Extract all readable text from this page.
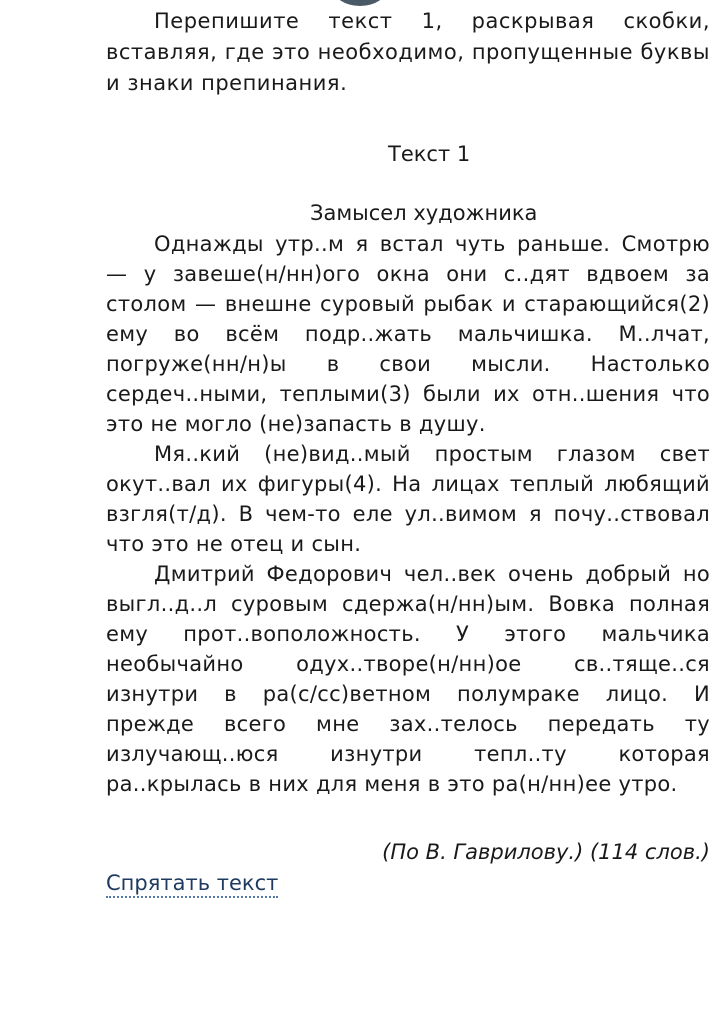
Перепишите текст 1, раскрывая скобки, вставляя, где это необходимо, пропущенные буквы и знаки препинания.

Текст 1

Замысел художника

Однажды утр..м я встал чуть раньше. Смотрю — у завеше(н/нн)ого окна они с..дят вдвоем за столом — внешне суровый рыбак и старающийся(2) ему во всём подр..жать мальчишка. М..лчат, погруже(нн/н)ы в свои мысли. Настолько сердеч..ными, теплыми(3) были их отн..шения что это не могло (не)запасть в душу.

Мя..кий (не)вид..мый простым глазом свет окут..вал их фигуры(4). На лицах теплый любящий взгля(т/д). В чем-то еле ул..вимом я почу..ствовал что это не отец и сын.

Дмитрий Федорович чел..век очень добрый но выгл..д..л суровым сдержа(н/нн)ым. Вовка полная ему прот..воположность. У этого мальчика необычайно одух..творе(н/нн)ое св..тяще..ся изнутри в ра(с/сс)ветном полумраке лицо. И прежде всего мне зах..телось передать ту излучающ..юся изнутри тепл..ту которая ра..крылась в них для меня в это ра(н/нн)ее утро.

(По В. Гаврилову.) (114 слов.)

Спрятать текст
